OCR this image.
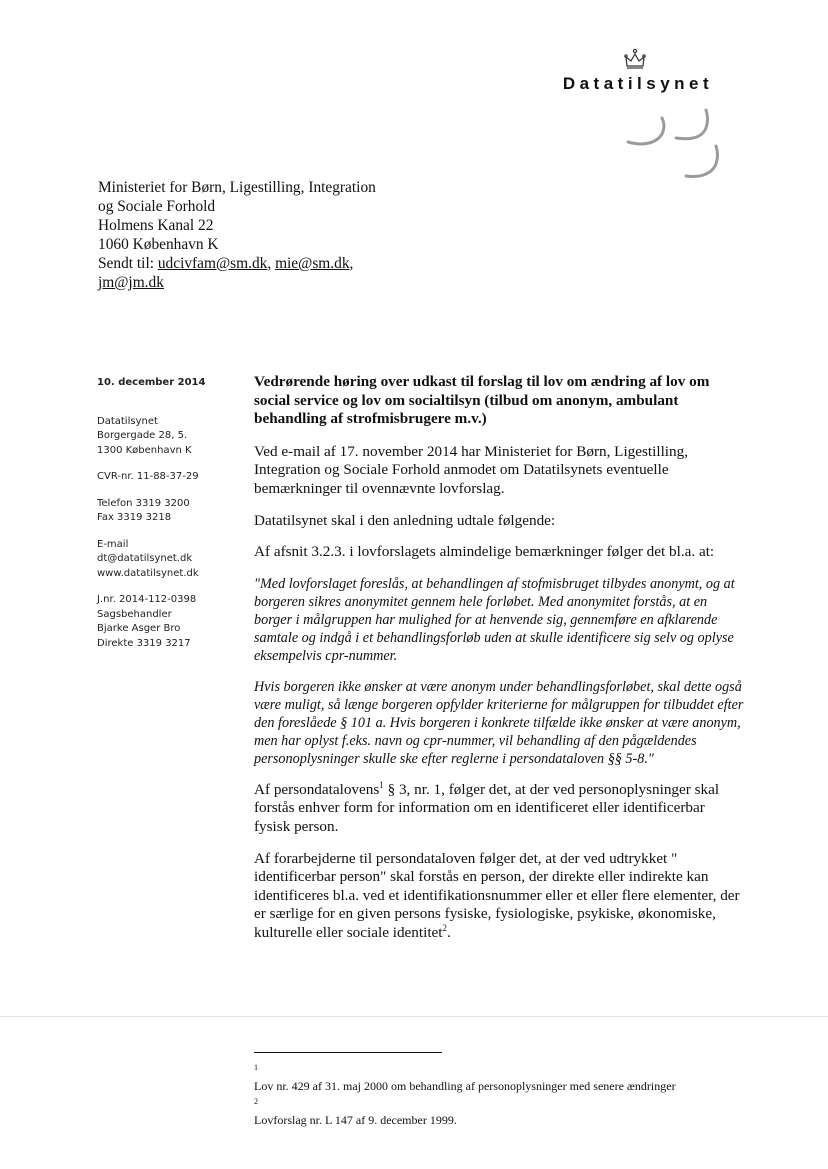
Datatilsynet
Ministeriet for Børn, Ligestilling, Integration
og Sociale Forhold
Holmens Kanal 22
1060 København K
Sendt til: udcivfam@sm.dk, mie@sm.dk,
jm@jm.dk
10. december 2014
Datatilsynet
Borgergade 28, 5.
1300 København K
CVR-nr. 11-88-37-29
Telefon 3319 3200
Fax 3319 3218
E-mail
dt@datatilsynet.dk
www.datatilsynet.dk
J.nr. 2014-112-0398
Sagsbehandler
Bjarke Asger Bro
Direkte 3319 3217
Vedrørende høring over udkast til forslag til lov om ændring af lov om social service og lov om socialtilsyn (tilbud om anonym, ambulant behandling af strofmisbrugere m.v.)

Ved e-mail af 17. november 2014 har Ministeriet for Børn, Ligestilling, Integration og Sociale Forhold anmodet om Datatilsynets eventuelle bemærkninger til ovennævnte lovforslag.

Datatilsynet skal i den anledning udtale følgende:

Af afsnit 3.2.3. i lovforslagets almindelige bemærkninger følger det bl.a. at:

"Med lovforslaget foreslås, at behandlingen af stofmisbruget tilbydes anonymt, og at borgeren sikres anonymitet gennem hele forløbet. Med anonymitet forstås, at en borger i målgruppen har mulighed for at henvende sig, gennemføre en afklarende samtale og indgå i et behandlingsforløb uden at skulle identificere sig selv og oplyse eksempelvis cpr-nummer.

Hvis borgeren ikke ønsker at være anonym under behandlingsforløbet, skal dette også være muligt, så længe borgeren opfylder kriterierne for målgruppen for tilbuddet efter den foreslåede § 101 a. Hvis borgeren i konkrete tilfælde ikke ønsker at være anonym, men har oplyst f.eks. navn og cpr-nummer, vil behandling af den pågældendes personoplysninger skulle ske efter reglerne i persondataloven §§ 5-8."

Af persondatalovens$^1$ § 3, nr. 1, følger det, at der ved personoplysninger skal forstås enhver form for information om en identificeret eller identificerbar fysisk person.

Af forarbejderne til persondataloven følger det, at der ved udtrykket " identificerbar person" skal forstås en person, der direkte eller indirekte kan identificeres bl.a. ved et identifikationsnummer eller et eller flere elementer, der er særlige for en given persons fysiske, fysiologiske, psykiske, økonomiske, kulturelle eller sociale identitet$^2$.

$^1$
Lov nr. 429 af 31. maj 2000 om behandling af personoplysninger med senere ændringer
$^2$
Lovforslag nr. L 147 af 9. december 1999.
